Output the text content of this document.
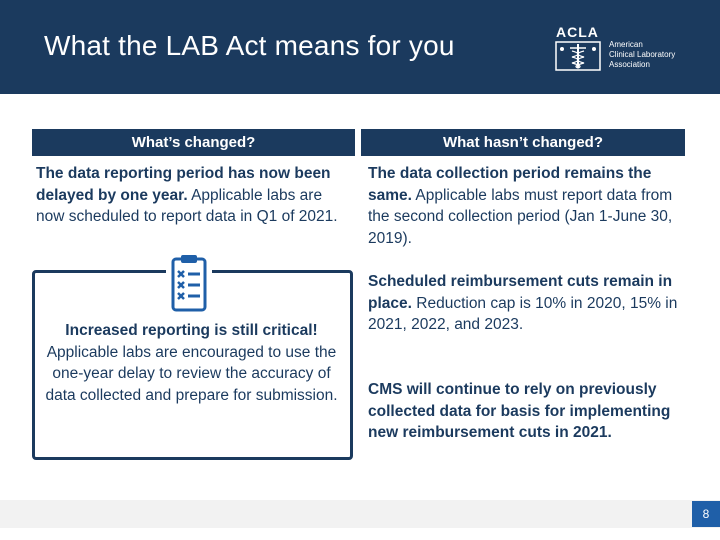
What the LAB Act means for you	ACLA
American
Clinical Laboratory
Association
What’s changed?	What hasn’t changed?
The data reporting period has now been delayed by one year. Applicable labs are now scheduled to report data in Q1 of 2021.
Increased reporting is still critical! Applicable labs are encouraged to use the one-year delay to review the accuracy of data collected and prepare for submission.
The data collection period remains the same. Applicable labs must report data from the second collection period (Jan 1-June 30, 2019).
Scheduled reimbursement cuts remain in place. Reduction cap is 10% in 2020, 15% in 2021, 2022, and 2023.
CMS will continue to rely on previously collected data for basis for implementing new reimbursement cuts in 2021.
8
